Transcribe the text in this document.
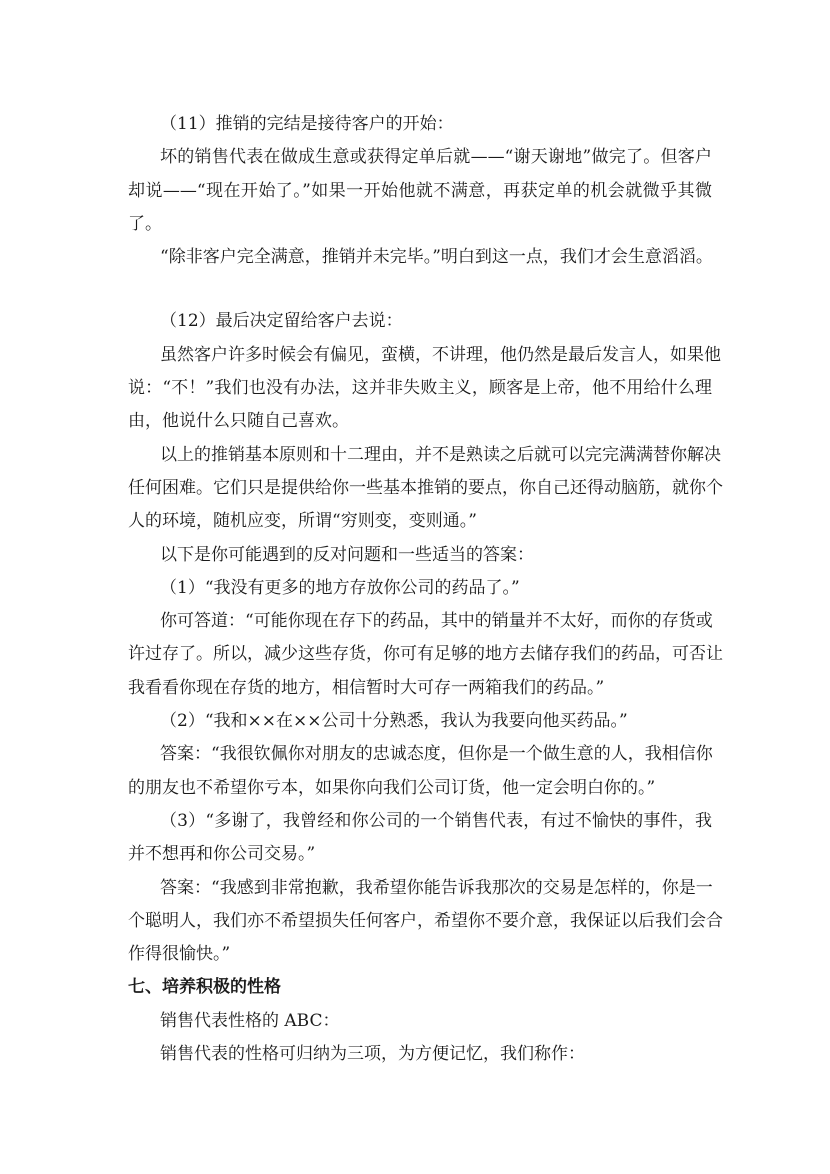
（11）推销的完结是接待客户的开始：
坏的销售代表在做成生意或获得定单后就——“谢天谢地”做完了。但客户
却说——“现在开始了。”如果一开始他就不满意，再获定单的机会就微乎其微
了。
“除非客户完全满意，推销并未完毕。”明白到这一点，我们才会生意滔滔。
（12）最后决定留给客户去说：
虽然客户许多时候会有偏见，蛮横，不讲理，他仍然是最后发言人，如果他
说：“不！”我们也没有办法，这并非失败主义，顾客是上帝，他不用给什么理
由，他说什么只随自己喜欢。
以上的推销基本原则和十二理由，并不是熟读之后就可以完完满满替你解决
任何困难。它们只是提供给你一些基本推销的要点，你自己还得动脑筋，就你个
人的环境，随机应变，所谓“穷则变，变则通。”
以下是你可能遇到的反对问题和一些适当的答案：
（1）“我没有更多的地方存放你公司的药品了。”
你可答道：“可能你现在存下的药品，其中的销量并不太好，而你的存货或
许过存了。所以，减少这些存货，你可有足够的地方去储存我们的药品，可否让
我看看你现在存货的地方，相信暂时大可存一两箱我们的药品。”
（2）“我和××在××公司十分熟悉，我认为我要向他买药品。”
答案：“我很钦佩你对朋友的忠诚态度，但你是一个做生意的人，我相信你
的朋友也不希望你亏本，如果你向我们公司订货，他一定会明白你的。”
（3）“多谢了，我曾经和你公司的一个销售代表，有过不愉快的事件，我
并不想再和你公司交易。”
答案：“我感到非常抱歉，我希望你能告诉我那次的交易是怎样的，你是一
个聪明人，我们亦不希望损失任何客户，希望你不要介意，我保证以后我们会合
作得很愉快。”
七、培养积极的性格
销售代表性格的 ABC：
销售代表的性格可归纳为三项，为方便记忆，我们称作：
